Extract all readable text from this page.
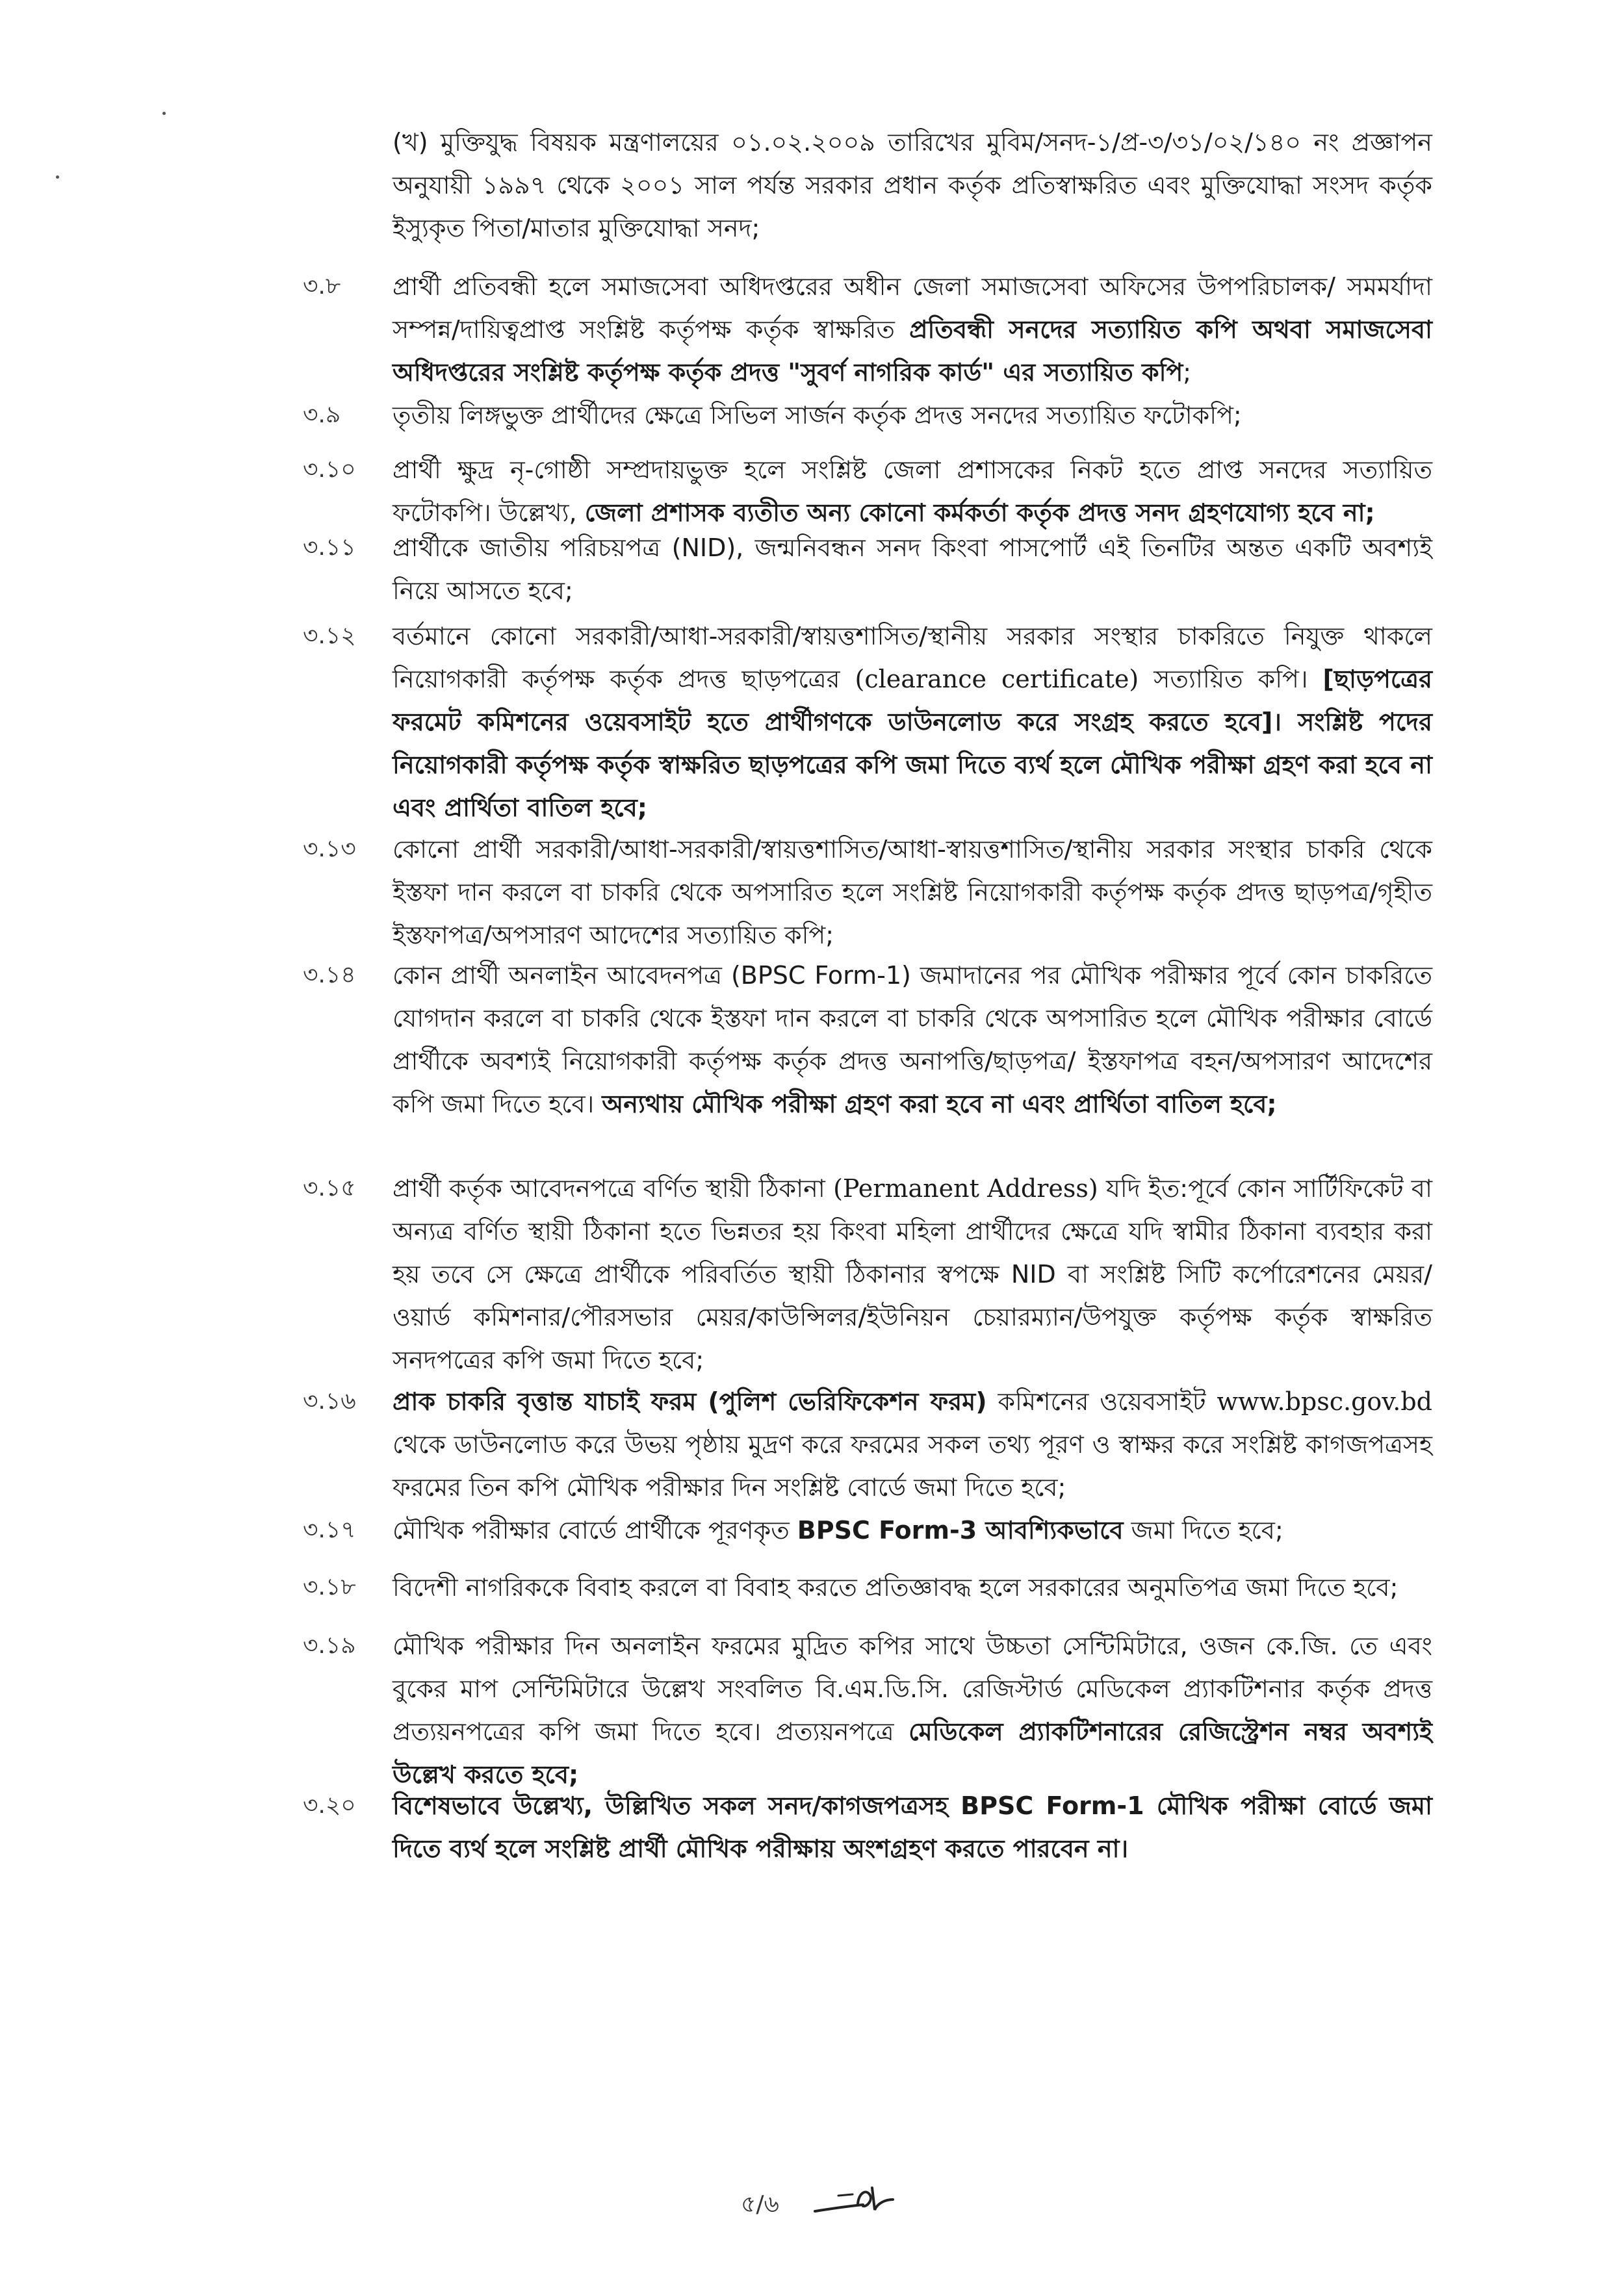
(খ) মুক্তিযুদ্ধ বিষয়ক মন্ত্রণালয়ের ০১.০২.২০০৯ তারিখের মুবিম/সনদ-১/প্র-৩/৩১/০২/১৪০ নং প্রজ্ঞাপন অনুযায়ী ১৯৯৭ থেকে ২০০১ সাল পর্যন্ত সরকার প্রধান কর্তৃক প্রতিস্বাক্ষরিত এবং মুক্তিযোদ্ধা সংসদ কর্তৃক ইস্যুকৃত পিতা/মাতার মুক্তিযোদ্ধা সনদ;

৩.৮	প্রার্থী প্রতিবন্ধী হলে সমাজসেবা অধিদপ্তরের অধীন জেলা সমাজসেবা অফিসের উপপরিচালক/ সমমর্যাদা সম্পন্ন/দায়িত্বপ্রাপ্ত সংশ্লিষ্ট কর্তৃপক্ষ কর্তৃক স্বাক্ষরিত প্রতিবন্ধী সনদের সত্যায়িত কপি অথবা সমাজসেবা অধিদপ্তরের সংশ্লিষ্ট কর্তৃপক্ষ কর্তৃক প্রদত্ত "সুবর্ণ নাগরিক কার্ড" এর সত্যায়িত কপি;

৩.৯	তৃতীয় লিঙ্গভুক্ত প্রার্থীদের ক্ষেত্রে সিভিল সার্জন কর্তৃক প্রদত্ত সনদের সত্যায়িত ফটোকপি;

৩.১০	প্রার্থী ক্ষুদ্র নৃ-গোষ্ঠী সম্প্রদায়ভুক্ত হলে সংশ্লিষ্ট জেলা প্রশাসকের নিকট হতে প্রাপ্ত সনদের সত্যায়িত ফটোকপি। উল্লেখ্য, জেলা প্রশাসক ব্যতীত অন্য কোনো কর্মকর্তা কর্তৃক প্রদত্ত সনদ গ্রহণযোগ্য হবে না;

৩.১১	প্রার্থীকে জাতীয় পরিচয়পত্র (NID), জন্মনিবন্ধন সনদ কিংবা পাসপোর্ট এই তিনটির অন্তত একটি অবশ্যই নিয়ে আসতে হবে;

৩.১২	বর্তমানে কোনো সরকারী/আধা-সরকারী/স্বায়ত্তশাসিত/স্থানীয় সরকার সংস্থার চাকরিতে নিযুক্ত থাকলে নিয়োগকারী কর্তৃপক্ষ কর্তৃক প্রদত্ত ছাড়পত্রের (clearance certificate) সত্যায়িত কপি। [ছাড়পত্রের ফরমেট কমিশনের ওয়েবসাইট হতে প্রার্থীগণকে ডাউনলোড করে সংগ্রহ করতে হবে]। সংশ্লিষ্ট পদের নিয়োগকারী কর্তৃপক্ষ কর্তৃক স্বাক্ষরিত ছাড়পত্রের কপি জমা দিতে ব্যর্থ হলে মৌখিক পরীক্ষা গ্রহণ করা হবে না এবং প্রার্থিতা বাতিল হবে;

৩.১৩	কোনো প্রার্থী সরকারী/আধা-সরকারী/স্বায়ত্তশাসিত/আধা-স্বায়ত্তশাসিত/স্থানীয় সরকার সংস্থার চাকরি থেকে ইস্তফা দান করলে বা চাকরি থেকে অপসারিত হলে সংশ্লিষ্ট নিয়োগকারী কর্তৃপক্ষ কর্তৃক প্রদত্ত ছাড়পত্র/গৃহীত ইস্তফাপত্র/অপসারণ আদেশের সত্যায়িত কপি;

৩.১৪	কোন প্রার্থী অনলাইন আবেদনপত্র (BPSC Form-1) জমাদানের পর মৌখিক পরীক্ষার পূর্বে কোন চাকরিতে যোগদান করলে বা চাকরি থেকে ইস্তফা দান করলে বা চাকরি থেকে অপসারিত হলে মৌখিক পরীক্ষার বোর্ডে প্রার্থীকে অবশ্যই নিয়োগকারী কর্তৃপক্ষ কর্তৃক প্রদত্ত অনাপত্তি/ছাড়পত্র/ ইস্তফাপত্র বহন/অপসারণ আদেশের কপি জমা দিতে হবে। অন্যথায় মৌখিক পরীক্ষা গ্রহণ করা হবে না এবং প্রার্থিতা বাতিল হবে;

৩.১৫	প্রার্থী কর্তৃক আবেদনপত্রে বর্ণিত স্থায়ী ঠিকানা (Permanent Address) যদি ইত:পূর্বে কোন সার্টিফিকেট বা অন্যত্র বর্ণিত স্থায়ী ঠিকানা হতে ভিন্নতর হয় কিংবা মহিলা প্রার্থীদের ক্ষেত্রে যদি স্বামীর ঠিকানা ব্যবহার করা হয় তবে সে ক্ষেত্রে প্রার্থীকে পরিবর্তিত স্থায়ী ঠিকানার স্বপক্ষে NID বা সংশ্লিষ্ট সিটি কর্পোরেশনের মেয়র/ওয়ার্ড কমিশনার/পৌরসভার মেয়র/কাউন্সিলর/ইউনিয়ন চেয়ারম্যান/উপযুক্ত কর্তৃপক্ষ কর্তৃক স্বাক্ষরিত সনদপত্রের কপি জমা দিতে হবে;

৩.১৬	প্রাক চাকরি বৃত্তান্ত যাচাই ফরম (পুলিশ ভেরিফিকেশন ফরম) কমিশনের ওয়েবসাইট www.bpsc.gov.bd থেকে ডাউনলোড করে উভয় পৃষ্ঠায় মুদ্রণ করে ফরমের সকল তথ্য পূরণ ও স্বাক্ষর করে সংশ্লিষ্ট কাগজপত্রসহ ফরমের তিন কপি মৌখিক পরীক্ষার দিন সংশ্লিষ্ট বোর্ডে জমা দিতে হবে;

৩.১৭	মৌখিক পরীক্ষার বোর্ডে প্রার্থীকে পূরণকৃত BPSC Form-3 আবশ্যিকভাবে জমা দিতে হবে;

৩.১৮	বিদেশী নাগরিককে বিবাহ করলে বা বিবাহ করতে প্রতিজ্ঞাবদ্ধ হলে সরকারের অনুমতিপত্র জমা দিতে হবে;

৩.১৯	মৌখিক পরীক্ষার দিন অনলাইন ফরমের মুদ্রিত কপির সাথে উচ্চতা সেন্টিমিটারে, ওজন কে.জি. তে এবং বুকের মাপ সেন্টিমিটারে উল্লেখ সংবলিত বি.এম.ডি.সি. রেজিস্টার্ড মেডিকেল প্র্যাকটিশনার কর্তৃক প্রদত্ত প্রত্যয়নপত্রের কপি জমা দিতে হবে। প্রত্যয়নপত্রে মেডিকেল প্র্যাকটিশনারের রেজিস্ট্রেশন নম্বর অবশ্যই উল্লেখ করতে হবে;

৩.২০	বিশেষভাবে উল্লেখ্য, উল্লিখিত সকল সনদ/কাগজপত্রসহ BPSC Form-1 মৌখিক পরীক্ষা বোর্ডে জমা দিতে ব্যর্থ হলে সংশ্লিষ্ট প্রার্থী মৌখিক পরীক্ষায় অংশগ্রহণ করতে পারবেন না।

৫/৬
